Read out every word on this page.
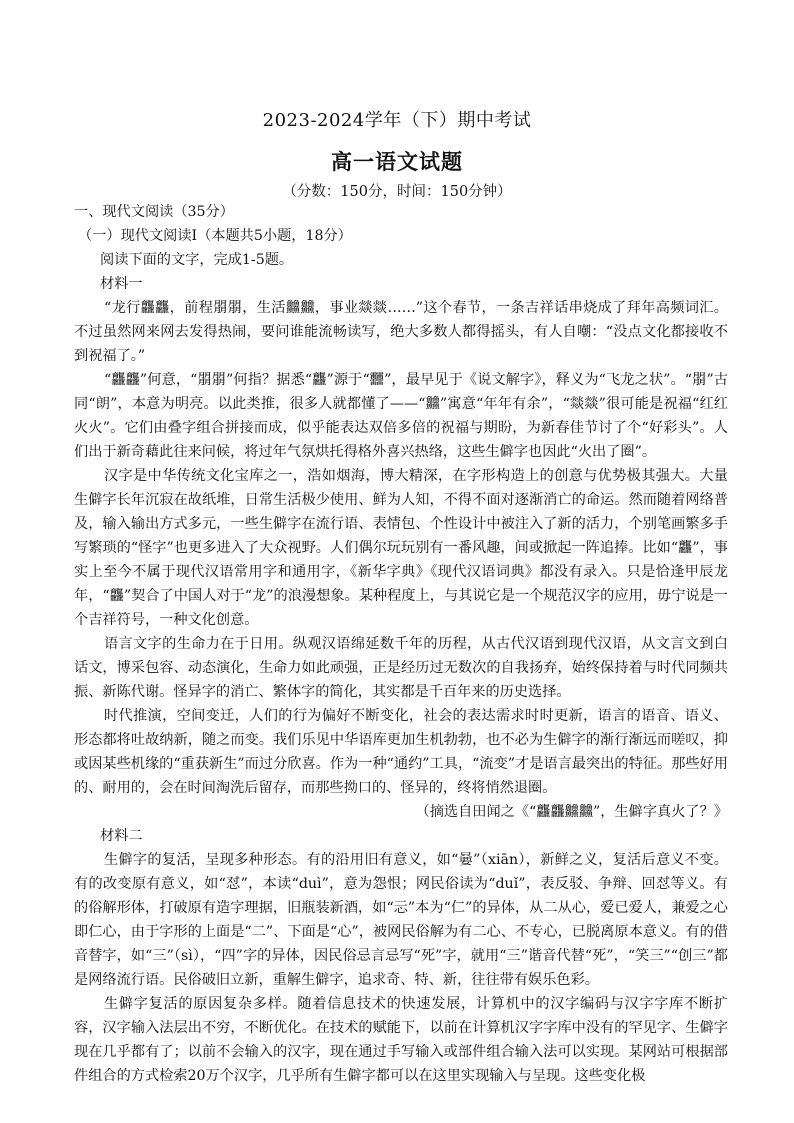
2023-2024学年（下）期中考试
高一语文试题
（分数：150分，时间：150分钟）
一、现代文阅读（35分）
（一）现代文阅读Ⅰ（本题共5小题，18分）
阅读下面的文字，完成1-5题。
材料一

“龙行龘龘，前程朤朤，生活䲜䲜，事业燚燚……”这个春节，一条吉祥话串烧成了拜年高频词汇。不过虽然网来网去发得热闹，要问谁能流畅读写，绝大多数人都得摇头，有人自嘲：“没点文化都接收不到祝福了。”

“龘龘”何意，“朤朤”何指？据悉“龘”源于“䨻”，最早见于《说文解字》，释义为“飞龙之状”。“朤”古同“朗”，本意为明亮。以此类推，很多人就都懂了——“䲜”寓意“年年有余”，“燚燚”很可能是祝福“红红火火”。它们由叠字组合拼接而成，似乎能表达双倍多倍的祝福与期盼，为新春佳节讨了个“好彩头”。人们出于新奇藉此往来问候，将过年气氛烘托得格外喜兴热络，这些生僻字也因此“火出了圈”。

汉字是中华传统文化宝库之一，浩如烟海，博大精深，在字形构造上的创意与优势极其强大。大量生僻字长年沉寂在故纸堆，日常生活极少使用、鲜为人知，不得不面对逐渐消亡的命运。然而随着网络普及，输入输出方式多元，一些生僻字在流行语、表情包、个性设计中被注入了新的活力，个别笔画繁多手写繁琐的“怪字”也更多进入了大众视野。人们偶尔玩玩别有一番风趣，间或掀起一阵追捧。比如“龘”，事实上至今不属于现代汉语常用字和通用字，《新华字典》《现代汉语词典》都没有录入。只是恰逢甲辰龙年，“龘”契合了中国人对于“龙”的浪漫想象。某种程度上，与其说它是一个规范汉字的应用，毋宁说是一个吉祥符号，一种文化创意。

语言文字的生命力在于日用。纵观汉语绵延数千年的历程，从古代汉语到现代汉语，从文言文到白话文，博采包容、动态演化，生命力如此顽强，正是经历过无数次的自我扬弃，始终保持着与时代同频共振、新陈代谢。怪异字的消亡、繁体字的简化，其实都是千百年来的历史选择。

时代推演，空间变迁，人们的行为偏好不断变化，社会的表达需求时时更新，语言的语音、语义、形态都将吐故纳新，随之而变。我们乐见中华语库更加生机勃勃，也不必为生僻字的渐行渐远而嗟叹，抑或因某些机缘的“重获新生”而过分欣喜。作为一种“通约”工具，“流变”才是语言最突出的特征。那些好用的、耐用的，会在时间淘洗后留存，而那些拗口的、怪异的，终将悄然退圈。

（摘选自田闻之《“龘龘䲜䲜”，生僻字真火了？》

材料二

生僻字的复活，呈现多种形态。有的沿用旧有意义，如“嘦”（xiān），新鲜之义，复活后意义不变。有的改变原有意义，如“怼”，本读“duì”，意为怨恨；网民俗读为“duǐ”，表反驳、争辩、回怼等义。有的俗解形体，打破原有造字理据，旧瓶装新酒，如“忈”本为“仁”的异体，从二从心，爱已爱人，兼爱之心即仁心，由于字形的上面是“二”、下面是“心”，被网民俗解为有二心、不专心，已脱离原本意义。有的借音替字，如“三”（sì），“四”字的异体，因民俗忌言忌写“死”字，就用“三”谐音代替“死”，“笑三”“创三”都是网络流行语。民俗破旧立新，重解生僻字，追求奇、特、新，往往带有娱乐色彩。

生僻字复活的原因复杂多样。随着信息技术的快速发展，计算机中的汉字编码与汉字字库不断扩容，汉字输入法层出不穷，不断优化。在技术的赋能下，以前在计算机汉字字库中没有的罕见字、生僻字现在几乎都有了；以前不会输入的汉字，现在通过手写输入或部件组合输入法可以实现。某网站可根据部件组合的方式检索20万个汉字，几乎所有生僻字都可以在这里实现输入与呈现。这些变化极
